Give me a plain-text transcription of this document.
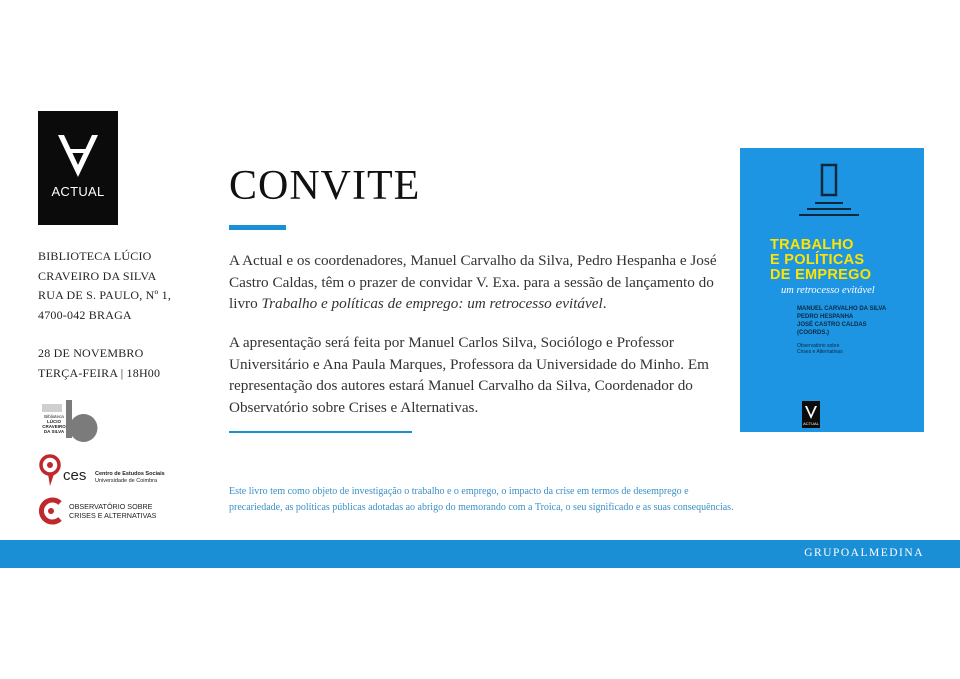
ACTUAL
BIBLIOTECA LÚCIO
CRAVEIRO DA SILVA
RUA DE S. PAULO, Nº 1,
4700-042 BRAGA
28 DE NOVEMBRO
TERÇA-FEIRA | 18H00
Biblioteca
LÚCIO
CRAVEIRO
DA SILVA
ces Centro de Estudos Sociais
Universidade de Coimbra
OBSERVATÓRIO SOBRE
CRISES E ALTERNATIVAS
CONVITE
A Actual e os coordenadores, Manuel Carvalho da Silva, Pedro Hespanha e José Castro Caldas, têm o prazer de convidar V. Exa. para a sessão de lançamento do livro Trabalho e políticas de emprego: um retrocesso evitável.
A apresentação será feita por Manuel Carlos Silva, Sociólogo e Professor Universitário e Ana Paula Marques, Professora da Universidade do Minho. Em representação dos autores estará Manuel Carvalho da Silva, Coordenador do Observatório sobre Crises e Alternativas.
Este livro tem como objeto de investigação o trabalho e o emprego, o impacto da crise em termos de desemprego e precariedade, as políticas públicas adotadas ao abrigo do memorando com a Troica, o seu significado e as suas consequências.
TRABALHO
E POLÍTICAS
DE EMPREGO
um retrocesso evitável
MANUEL CARVALHO DA SILVA
PEDRO HESPANHA
JOSÉ CASTRO CALDAS
(COORDS.)
Observatório sobre
Crises e Alternativas
ACTUAL
GRUPOALMEDINA
